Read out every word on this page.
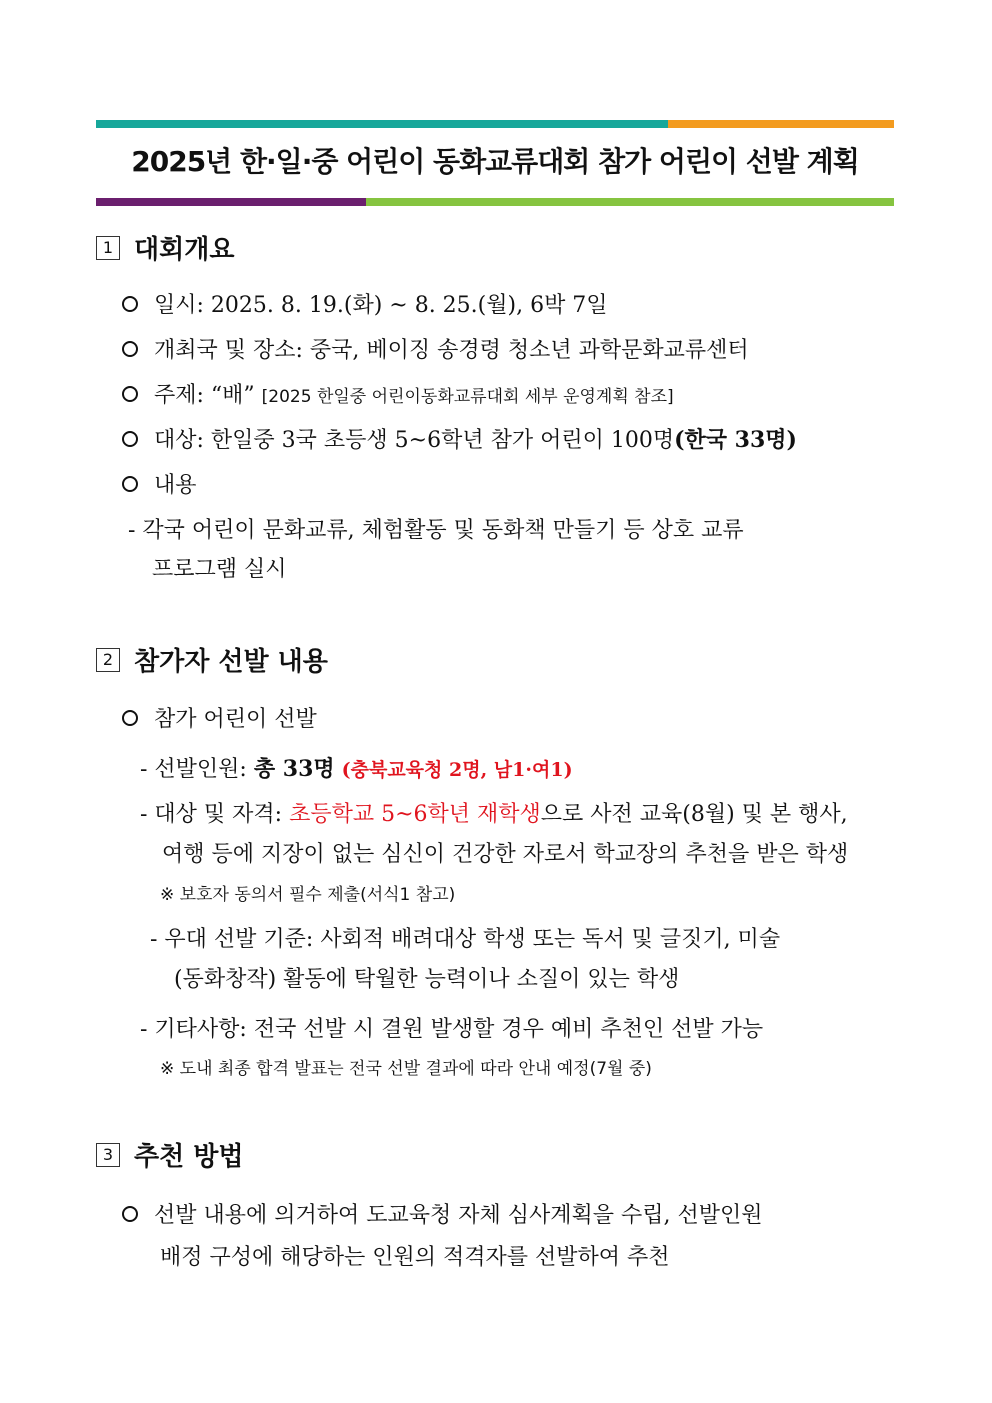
2025년 한·일·중 어린이 동화교류대회 참가 어린이 선발 계획
1 대회개요
일시: 2025. 8. 19.(화) ~ 8. 25.(월), 6박 7일
개최국 및 장소: 중국, 베이징 송경령 청소년 과학문화교류센터
주제: “배” [2025 한일중 어린이동화교류대회 세부 운영계획 참조]
대상: 한일중 3국 초등생 5~6학년 참가 어린이 100명(한국 33명)
내용
- 각국 어린이 문화교류, 체험활동 및 동화책 만들기 등 상호 교류
프로그램 실시
2 참가자 선발 내용
참가 어린이 선발
- 선발인원: 총 33명 (충북교육청 2명, 남1·여1)
- 대상 및 자격: 초등학교 5~6학년 재학생으로 사전 교육(8월) 및 본 행사,
여행 등에 지장이 없는 심신이 건강한 자로서 학교장의 추천을 받은 학생
※ 보호자 동의서 필수 제출(서식1 참고)
- 우대 선발 기준: 사회적 배려대상 학생 또는 독서 및 글짓기, 미술
(동화창작) 활동에 탁월한 능력이나 소질이 있는 학생
- 기타사항: 전국 선발 시 결원 발생할 경우 예비 추천인 선발 가능
※ 도내 최종 합격 발표는 전국 선발 결과에 따라 안내 예정(7월 중)
3 추천 방법
선발 내용에 의거하여 도교육청 자체 심사계획을 수립, 선발인원
배정 구성에 해당하는 인원의 적격자를 선발하여 추천
